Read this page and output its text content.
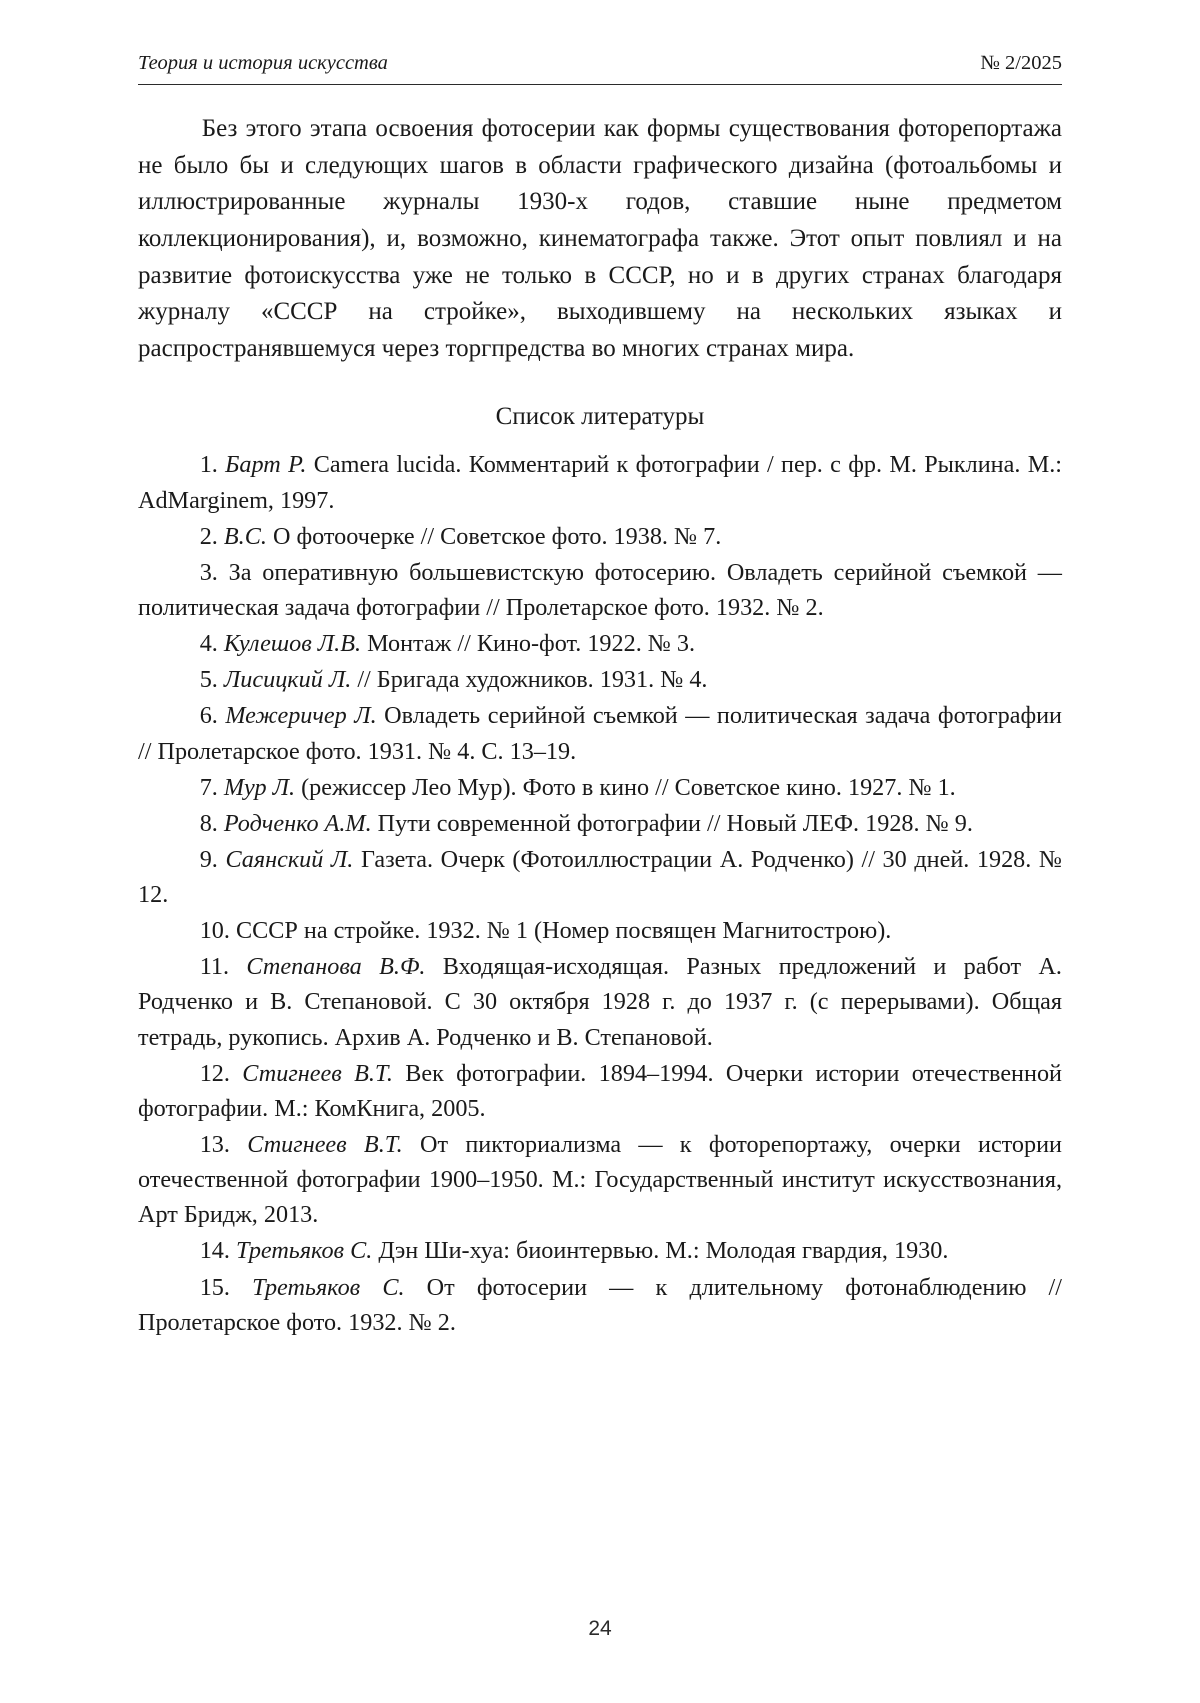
Теория и история искусства	№ 2/2025

Без этого этапа освоения фотосерии как формы существования фоторепортажа не было бы и следующих шагов в области графического дизайна (фотоальбомы и иллюстрированные журналы 1930-х годов, ставшие ныне предметом коллекционирования), и, возможно, кинематографа также. Этот опыт повлиял и на развитие фотоискусства уже не только в СССР, но и в других странах благодаря журналу «СССР на стройке», выходившему на нескольких языках и распространявшемуся через торгпредства во многих странах мира.

Список литературы

1. Барт Р. Camera lucida. Комментарий к фотографии / пер. с фр. М. Рыклина. М.: AdMarginem, 1997.

2. В.С. О фотоочерке // Советское фото. 1938. № 7.

3. За оперативную большевистскую фотосерию. Овладеть серийной съемкой — политическая задача фотографии // Пролетарское фото. 1932. № 2.

4. Кулешов Л.В. Монтаж // Кино-фот. 1922. № 3.

5. Лисицкий Л. // Бригада художников. 1931. № 4.

6. Межеричер Л. Овладеть серийной съемкой — политическая задача фотографии // Пролетарское фото. 1931. № 4. С. 13–19.

7. Мур Л. (режиссер Лео Мур). Фото в кино // Советское кино. 1927. № 1.

8. Родченко А.М. Пути современной фотографии // Новый ЛЕФ. 1928. № 9.

9. Саянский Л. Газета. Очерк (Фотоиллюстрации А. Родченко) // 30 дней. 1928. № 12.

10. СССР на стройке. 1932. № 1 (Номер посвящен Магнитострою).

11. Степанова В.Ф. Входящая-исходящая. Разных предложений и работ А. Родченко и В. Степановой. С 30 октября 1928 г. до 1937 г. (с перерывами). Общая тетрадь, рукопись. Архив А. Родченко и В. Степановой.

12. Стигнеев В.Т. Век фотографии. 1894–1994. Очерки истории отечественной фотографии. М.: КомКнига, 2005.

13. Стигнеев В.Т. От пикториализма — к фоторепортажу, очерки истории отечественной фотографии 1900–1950. М.: Государственный институт искусствознания, Арт Бридж, 2013.

14. Третьяков С. Дэн Ши-хуа: биоинтервью. М.: Молодая гвардия, 1930.

15. Третьяков С. От фотосерии — к длительному фотонаблюдению // Пролетарское фото. 1932. № 2.

24
